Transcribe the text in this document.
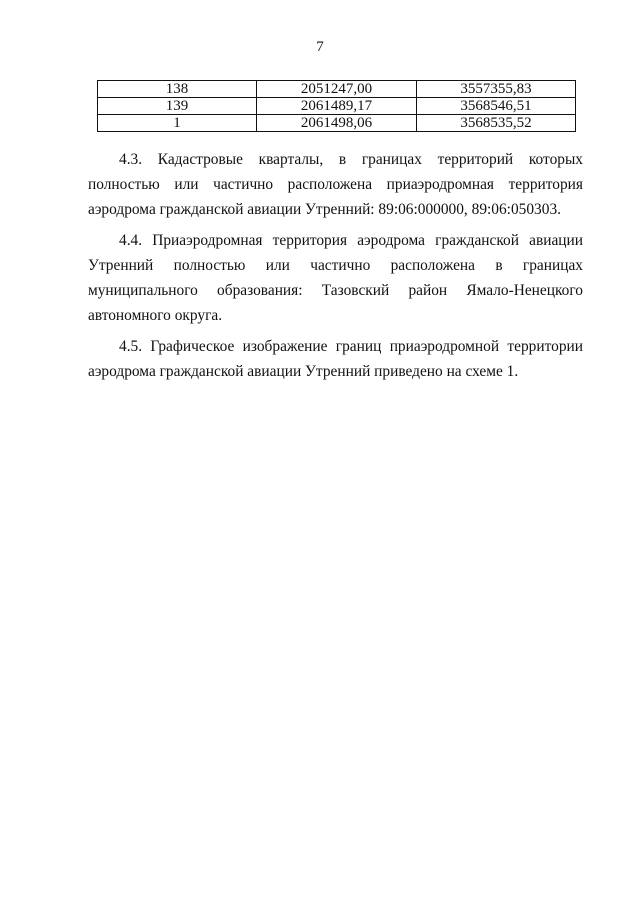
7
138	2051247,00	3557355,83
139	2061489,17	3568546,51
1	2061498,06	3568535,52

4.3. Кадастровые кварталы, в границах территорий которых полностью или частично расположена приаэродромная территория аэродрома гражданской авиации Утренний: 89:06:000000, 89:06:050303.

4.4. Приаэродромная территория аэродрома гражданской авиации Утренний полностью или частично расположена в границах муниципального образования: Тазовский район Ямало-Ненецкого автономного округа.

4.5. Графическое изображение границ приаэродромной территории аэродрома гражданской авиации Утренний приведено на схеме 1.
